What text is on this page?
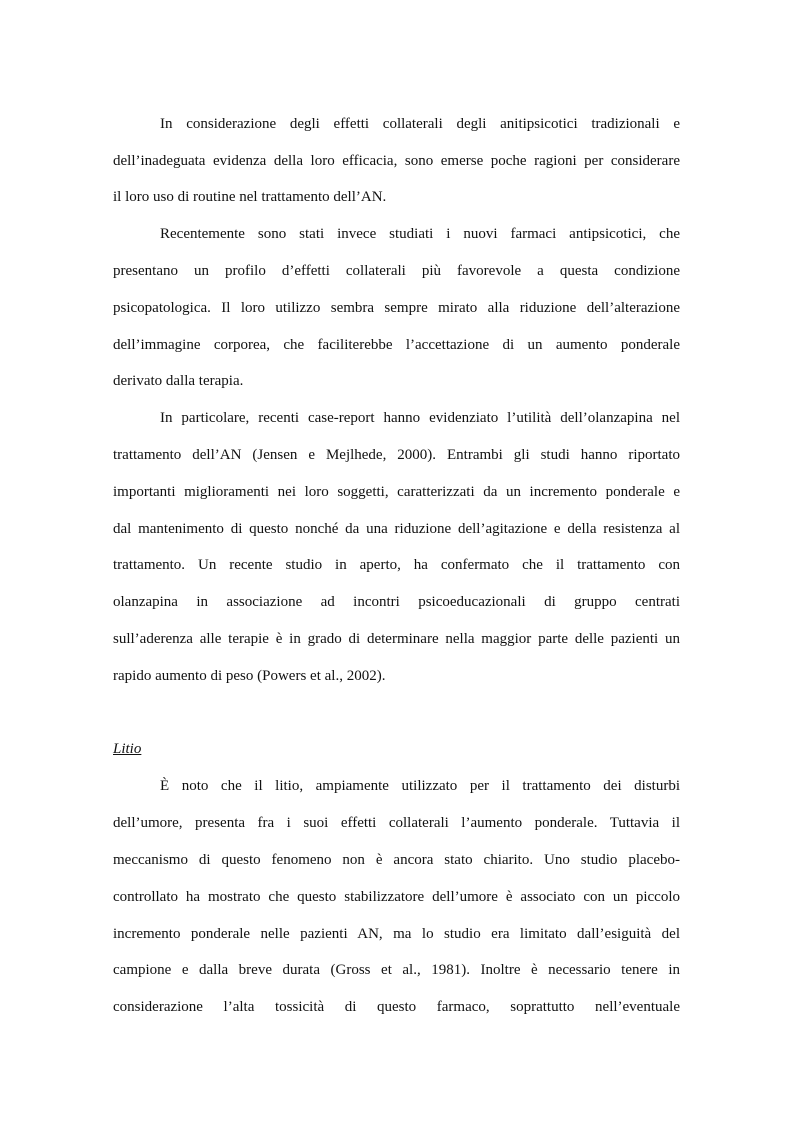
In considerazione degli effetti collaterali degli anitipsicotici tradizionali e
dell’inadeguata evidenza della loro efficacia, sono emerse poche ragioni per considerare
il loro uso di routine nel trattamento dell’AN.
Recentemente sono stati invece studiati i nuovi farmaci antipsicotici, che
presentano un profilo d’effetti collaterali più favorevole a questa condizione
psicopatologica. Il loro utilizzo sembra sempre mirato alla riduzione dell’alterazione
dell’immagine corporea, che faciliterebbe l’accettazione di un aumento ponderale
derivato dalla terapia.
In particolare, recenti case-report hanno evidenziato l’utilità dell’olanzapina nel
trattamento dell’AN (Jensen e Mejlhede, 2000). Entrambi gli studi hanno riportato
importanti miglioramenti nei loro soggetti, caratterizzati da un incremento ponderale e
dal mantenimento di questo nonché da una riduzione dell’agitazione e della resistenza al
trattamento. Un recente studio in aperto, ha confermato che il trattamento con
olanzapina in associazione ad incontri psicoeducazionali di gruppo centrati
sull’aderenza alle terapie è in grado di determinare nella maggior parte delle pazienti un
rapido aumento di peso (Powers et al., 2002).
Litio
È noto che il litio, ampiamente utilizzato per il trattamento dei disturbi
dell’umore, presenta fra i suoi effetti collaterali l’aumento ponderale. Tuttavia il
meccanismo di questo fenomeno non è ancora stato chiarito. Uno studio placebo-
controllato ha mostrato che questo stabilizzatore dell’umore è associato con un piccolo
incremento ponderale nelle pazienti AN, ma lo studio era limitato dall’esiguità del
campione e dalla breve durata (Gross et al., 1981). Inoltre è necessario tenere in
considerazione l’alta tossicità di questo farmaco, soprattutto nell’eventuale
